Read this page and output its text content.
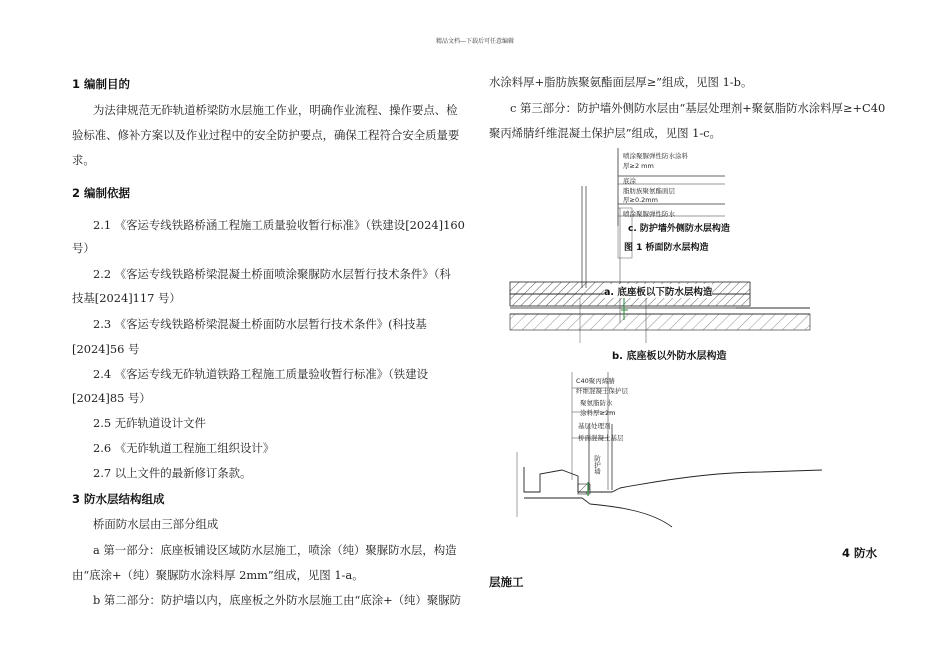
精品文档---下载后可任意编辑
1 编制目的
为法律规范无砟轨道桥梁防水层施工作业，明确作业流程、操作要点、检
验标准、修补方案以及作业过程中的安全防护要点，确保工程符合安全质量要
求。
2 编制依据
2.1 《客运专线铁路桥涵工程施工质量验收暂行标准》（铁建设[2024]160
号）
2.2 《客运专线铁路桥梁混凝土桥面喷涂聚脲防水层暂行技术条件》（科
技基[2024]117 号）
2.3 《客运专线铁路桥梁混凝土桥面防水层暂行技术条件》(科技基
[2024]56 号
2.4 《客运专线无砟轨道铁路工程施工质量验收暂行标准》（铁建设
[2024]85 号）
2.5 无砟轨道设计文件
2.6 《无砟轨道工程施工组织设计》
2.7 以上文件的最新修订条款。
3 防水层结构组成
桥面防水层由三部分组成
a 第一部分：底座板铺设区域防水层施工，喷涂（纯）聚脲防水层，构造
由“底涂+（纯）聚脲防水涂料厚 2mm”组成，见图 1-a。
b 第二部分：防护墙以内，底座板之外防水层施工由“底涂+（纯）聚脲防
水涂料厚+脂肪族聚氨酯面层厚≥”组成，见图 1-b。
c 第三部分：防护墙外侧防水层由“基层处理剂+聚氨脂防水涂料厚≥+C40
聚丙烯腈纤维混凝土保护层”组成，见图 1-c。
喷涂聚脲弹性防水涂料
厚≥2 mm
底涂
脂肪族聚氨酯面层
厚≥0.2mm
喷涂聚脲弹性防水
c. 防护墙外侧防水层构造
图 1 桥面防水层构造
a. 底座板以下防水层构造
b. 底座板以外防水层构造
C40聚丙烯腈
纤维混凝土保护层
聚氨脂防水
涂料厚≥2m
基层处理剂
桥面混凝土基层
防护墙
4 防水
层施工
